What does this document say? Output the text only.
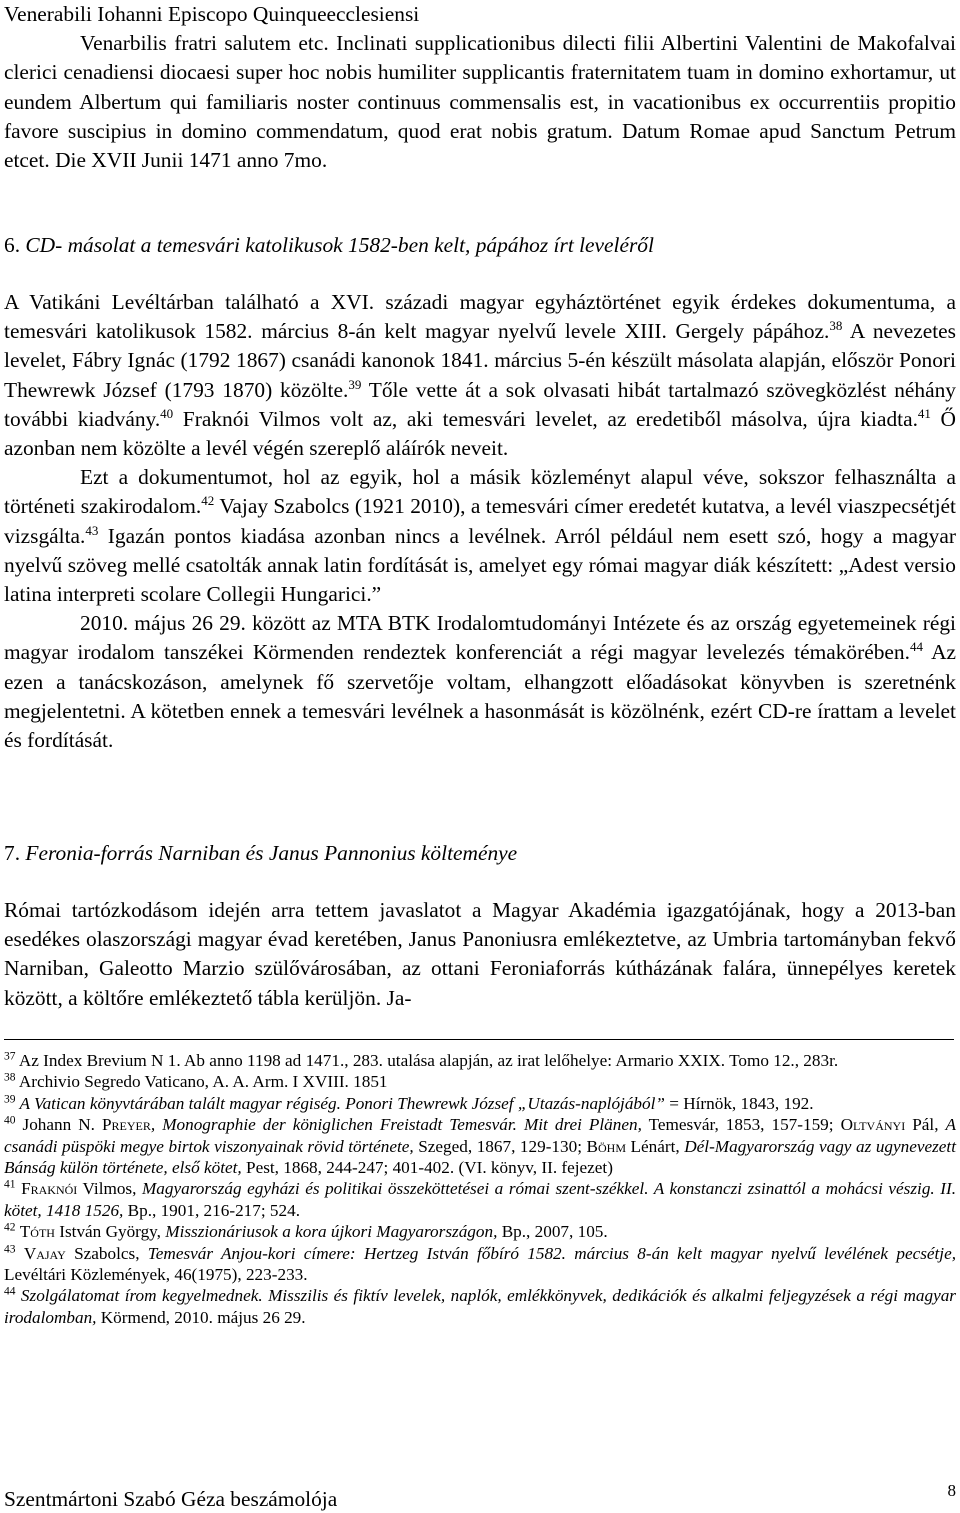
Venerabili Iohanni Episcopo Quinqueecclesiensi

Venarbilis fratri salutem etc. Inclinati supplicationibus dilecti filii Albertini Valentini de Makofalvai clerici cenadiensi diocaesi super hoc nobis humiliter supplicantis fraternitatem tuam in domino exhortamur, ut eundem Albertum qui familiaris noster continuus commensalis est, in vacationibus ex occurrentiis propitio favore suscipius in domino commendatum, quod erat nobis gratum. Datum Romae apud Sanctum Petrum etcet. Die XVII Junii 1471 anno 7mo.

6. CD- másolat a temesvári katolikusok 1582-ben kelt, pápához írt leveléről

A Vatikáni Levéltárban található a XVI. századi magyar egyháztörténet egyik érdekes dokumentuma, a temesvári katolikusok 1582. március 8-án kelt magyar nyelvű levele XIII. Gergely pápához.$^{38}$ A nevezetes levelet, Fábry Ignác (1792 1867) csanádi kanonok 1841. március 5-én készült másolata alapján, először Ponori Thewrewk József (1793 1870) közölte.$^{39}$ Tőle vette át a sok olvasati hibát tartalmazó szövegközlést néhány további kiadvány.$^{40}$ Fraknói Vilmos volt az, aki temesvári levelet, az eredetiből másolva, újra kiadta.$^{41}$ Ő azonban nem közölte a levél végén szereplő aláírók neveit.

Ezt a dokumentumot, hol az egyik, hol a másik közleményt alapul véve, sokszor felhasználta a történeti szakirodalom.$^{42}$ Vajay Szabolcs (1921 2010), a temesvári címer eredetét kutatva, a levél viaszpecsétjét vizsgálta.$^{43}$ Igazán pontos kiadása azonban nincs a levélnek. Arról például nem esett szó, hogy a magyar nyelvű szöveg mellé csatolták annak latin fordítását is, amelyet egy római magyar diák készített: „Adest versio latina interpreti scolare Collegii Hungarici.”

2010. május 26 29. között az MTA BTK Irodalomtudományi Intézete és az ország egyetemeinek régi magyar irodalom tanszékei Körmenden rendeztek konferenciát a régi magyar levelezés témakörében.$^{44}$ Az ezen a tanácskozáson, amelynek fő szervetője voltam, elhangzott előadásokat könyvben is szeretnénk megjelentetni. A kötetben ennek a temesvári levélnek a hasonmását is közölnénk, ezért CD-re írattam a levelet és fordítását.

7. Feronia-forrás Narniban és Janus Pannonius költeménye

Római tartózkodásom idején arra tettem javaslatot a Magyar Akadémia igazgatójának, hogy a 2013-ban esedékes olaszországi magyar évad keretében, Janus Panoniusra emlékeztetve, az Umbria tartományban fekvő Narniban, Galeotto Marzio szülővárosában, az ottani Feroniaforrás kútházának falára, ünnepélyes keretek között, a költőre emlékeztető tábla kerüljön. Ja-

$^{37}$ Az Index Brevium N 1. Ab anno 1198 ad 1471., 283. utalása alapján, az irat lelőhelye: Armario XXIX. Tomo 12., 283r.

$^{38}$ Archivio Segredo Vaticano, A. A. Arm. I XVIII. 1851

$^{39}$ A Vatican könyvtárában talált magyar régiség. Ponori Thewrewk József „Utazás-naplójából” = Hírnök, 1843, 192.

$^{40}$ Johann N. Preyer, Monographie der königlichen Freistadt Temesvár. Mit drei Plänen, Temesvár, 1853, 157-159; Oltványi Pál, A csanádi püspöki megye birtok viszonyainak rövid története, Szeged, 1867, 129-130; Böhm Lénárt, Dél-Magyarország vagy az ugynevezett Bánság külön története, első kötet, Pest, 1868, 244-247; 401-402. (VI. könyv, II. fejezet)

$^{41}$ Fraknói Vilmos, Magyarország egyházi és politikai összeköttetései a római szent-székkel. A konstanczi zsinattól a mohácsi vészig. II. kötet, 1418 1526, Bp., 1901, 216-217; 524.

$^{42}$ Tóth István György, Misszionáriusok a kora újkori Magyarországon, Bp., 2007, 105.

$^{43}$ Vajay Szabolcs, Temesvár Anjou-kori címere: Hertzeg István főbíró 1582. március 8-án kelt magyar nyelvű levélének pecsétje, Levéltári Közlemények, 46(1975), 223-233.

$^{44}$ Szolgálatomat írom kegyelmednek. Misszilis és fiktív levelek, naplók, emlékkönyvek, dedikációk és alkalmi feljegyzések a régi magyar irodalomban, Körmend, 2010. május 26 29.

Szentmártoni Szabó Géza beszámolója	8
